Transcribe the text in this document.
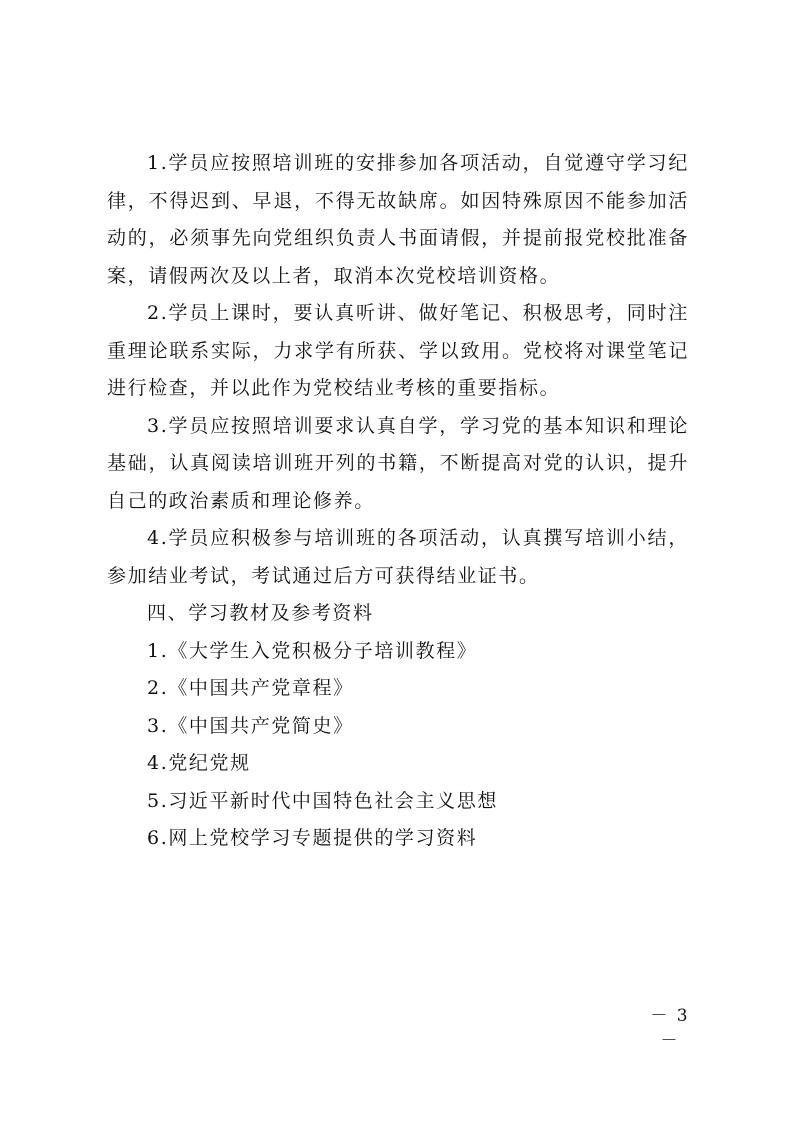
1.学员应按照培训班的安排参加各项活动，自觉遵守学习纪律，不得迟到、早退，不得无故缺席。如因特殊原因不能参加活动的，必须事先向党组织负责人书面请假，并提前报党校批准备案，请假两次及以上者，取消本次党校培训资格。

2.学员上课时，要认真听讲、做好笔记、积极思考，同时注重理论联系实际，力求学有所获、学以致用。党校将对课堂笔记进行检查，并以此作为党校结业考核的重要指标。

3.学员应按照培训要求认真自学，学习党的基本知识和理论基础，认真阅读培训班开列的书籍，不断提高对党的认识，提升自己的政治素质和理论修养。

4.学员应积极参与培训班的各项活动，认真撰写培训小结，参加结业考试，考试通过后方可获得结业证书。

四、学习教材及参考资料

1.《大学生入党积极分子培训教程》

2.《中国共产党章程》

3.《中国共产党简史》

4.党纪党规

5.习近平新时代中国特色社会主义思想

6.网上党校学习专题提供的学习资料

－ 3 －
